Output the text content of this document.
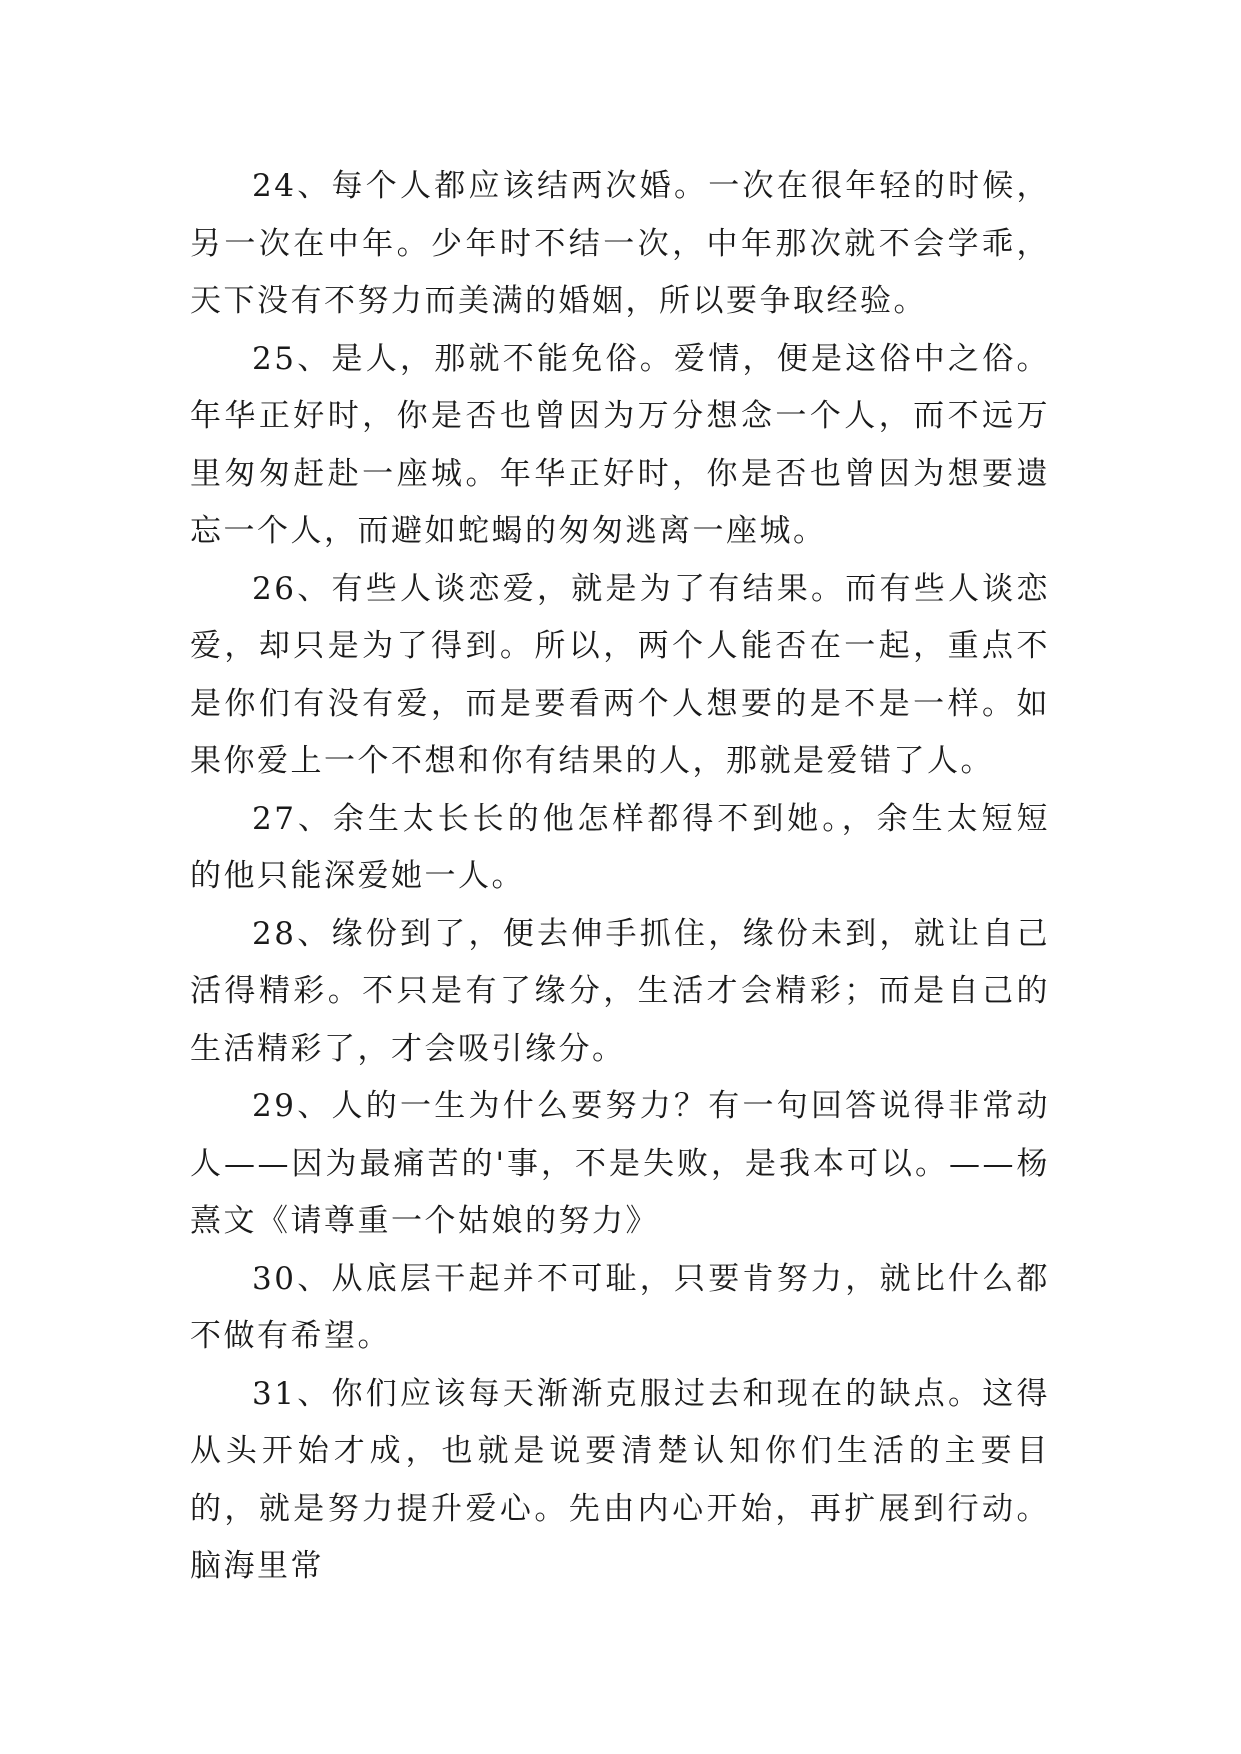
24、每个人都应该结两次婚。一次在很年轻的时候，另一次在中年。少年时不结一次，中年那次就不会学乖，天下没有不努力而美满的婚姻，所以要争取经验。

25、是人，那就不能免俗。爱情，便是这俗中之俗。年华正好时，你是否也曾因为万分想念一个人，而不远万里匆匆赶赴一座城。年华正好时，你是否也曾因为想要遗忘一个人，而避如蛇蝎的匆匆逃离一座城。

26、有些人谈恋爱，就是为了有结果。而有些人谈恋爱，却只是为了得到。所以，两个人能否在一起，重点不是你们有没有爱，而是要看两个人想要的是不是一样。如果你爱上一个不想和你有结果的人，那就是爱错了人。

27、余生太长长的他怎样都得不到她。，余生太短短的他只能深爱她一人。

28、缘份到了，便去伸手抓住，缘份未到，就让自己活得精彩。不只是有了缘分，生活才会精彩；而是自己的生活精彩了，才会吸引缘分。

29、人的一生为什么要努力？有一句回答说得非常动人——因为最痛苦的'事，不是失败，是我本可以。——杨熹文《请尊重一个姑娘的努力》

30、从底层干起并不可耻，只要肯努力，就比什么都不做有希望。

31、你们应该每天渐渐克服过去和现在的缺点。这得从头开始才成，也就是说要清楚认知你们生活的主要目的，就是努力提升爱心。先由内心开始，再扩展到行动。脑海里常
